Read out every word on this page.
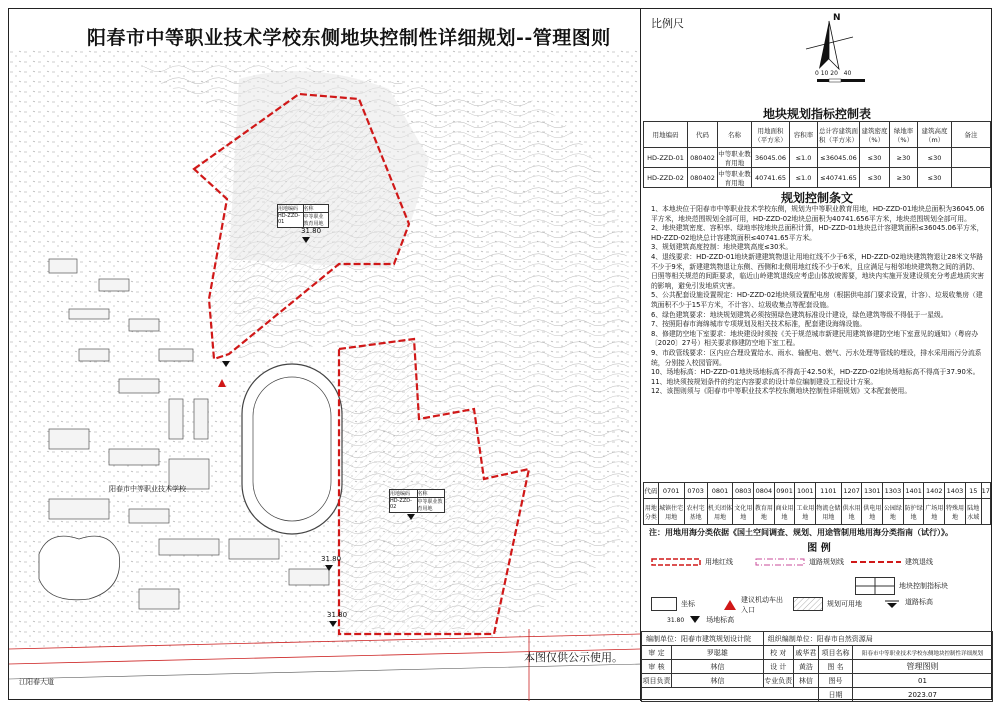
阳春市中等职业技术学校东侧地块控制性详细规划--管理图则
用地编码	名称
HD-ZZD-01
中等职业教育用地
用地编码	名称
HD-ZZD-02
中等职业教育用地
阳春市中等职业技术学校
江阳春大道
31.80
31.80
31.80
本图仅供公示使用。
比例尺	N
0 10 20   40
地块规划指标控制表
用地编码	代码	名称	用地面积（平方米）	容积率	总计容建筑面积（平方米）	建筑密度（%）	绿地率（%）	建筑高度（m）	备注
HD-ZZD-01	080402	中等职业教育用地	36045.06	≤1.0	≤36045.06	≤30	≥30	≤30	
HD-ZZD-02	080402	中等职业教育用地	40741.65	≤1.0	≤40741.65	≤30	≥30	≤30	
规划控制条文

1、本地块位于阳春市中等职业技术学校东侧，规划为中等职业教育用地，HD-ZZD-01地块总面积为36045.06平方米，地块范围规划全部可用，HD-ZZD-02地块总面积为40741.656平方米，地块范围规划全部可用。

2、地块建筑密度、容积率、绿地率按地块总面积计算，HD-ZZD-01地块总计容建筑面积≤36045.06平方米，HD-ZZD-02地块总计容建筑面积≤40741.65平方米。

3、规划建筑高度控制：地块建筑高度≤30米。

4、退线要求：HD-ZZD-01地块新建建筑物退让用地红线不少于6米，HD-ZZD-02地块建筑物退让28米文华路不少于9米，新建建筑物退让东侧、西侧和北侧用地红线不少于6米，且应满足与相邻地块建筑物之间的消防、日照等相关规范的间距要求，临近山岭建筑退线应考虑山体放坡需要，地块内实施开发建设须充分考虑地质灾害的影响，避免引发地质灾害。

5、公共配套设施设置规定：HD-ZZD-02地块须设置配电房（根据供电部门要求设置，计容）、垃圾收集房（建筑面积不少于15平方米，不计容）、垃圾收集点等配套设施。

6、绿色建筑要求：地块规划建筑必须按照绿色建筑标准设计建设，绿色建筑等级不得低于一星级。

7、按照阳春市海绵城市专项规划及相关技术标准，配套建设海绵设施。

8、修建防空地下室要求：地块建设时须按《关于规范城市新建民用建筑修建防空地下室意见的通知》（粤府办〔2020〕27号）相关要求修建防空地下室工程。

9、市政管线要求：区内应合理设置给水、雨水、输配电、燃气、污水处理等管线的埋设，排水采用雨污分流系统，分别接入校园管网。

10、场地标高：HD-ZZD-01地块场地标高不得高于42.50米，HD-ZZD-02地块场地标高不得高于37.90米。

11、地块须按规划条件的约定内容要求的设计单位编制建设工程设计方案。

12、该图则须与《阳春市中等职业技术学校东侧地块控制性详细规划》文本配套使用。

代码	0701	0703	0801	0803	0804	0901	1001	1101	1207	1301	1303	1401	1402	1403	15	17
用地分类	城镇住宅用地	农村宅基地	机关团体用地	文化用地	教育用地	商业用地	工业用地	物流仓储用地	供水用地	供电用地	公园绿地	防护绿地	广场用地	特殊用地	陆地水域	
注：用地用海分类依据《国土空间调查、规划、用途管制用地用海分类指南（试行）》。
图 例
用地红线	道路规划线	建筑退线
地块控制指标块
坐标	建议机动车出入口
规划可用地	道路标高
31.80	场地标高
编制单位：阳春市建筑规划设计院		组织编制单位：阳春市自然资源局			
审 定	罗聪雄	校 对	戚华君	项目名称	阳春市中等职业技术学校东侧地块控制性详细规划
审 核	林信	设 计	黄浩	图 名	管理图则
项目负责	林信	专业负责	林信	图号	01
				日期	2023.07
